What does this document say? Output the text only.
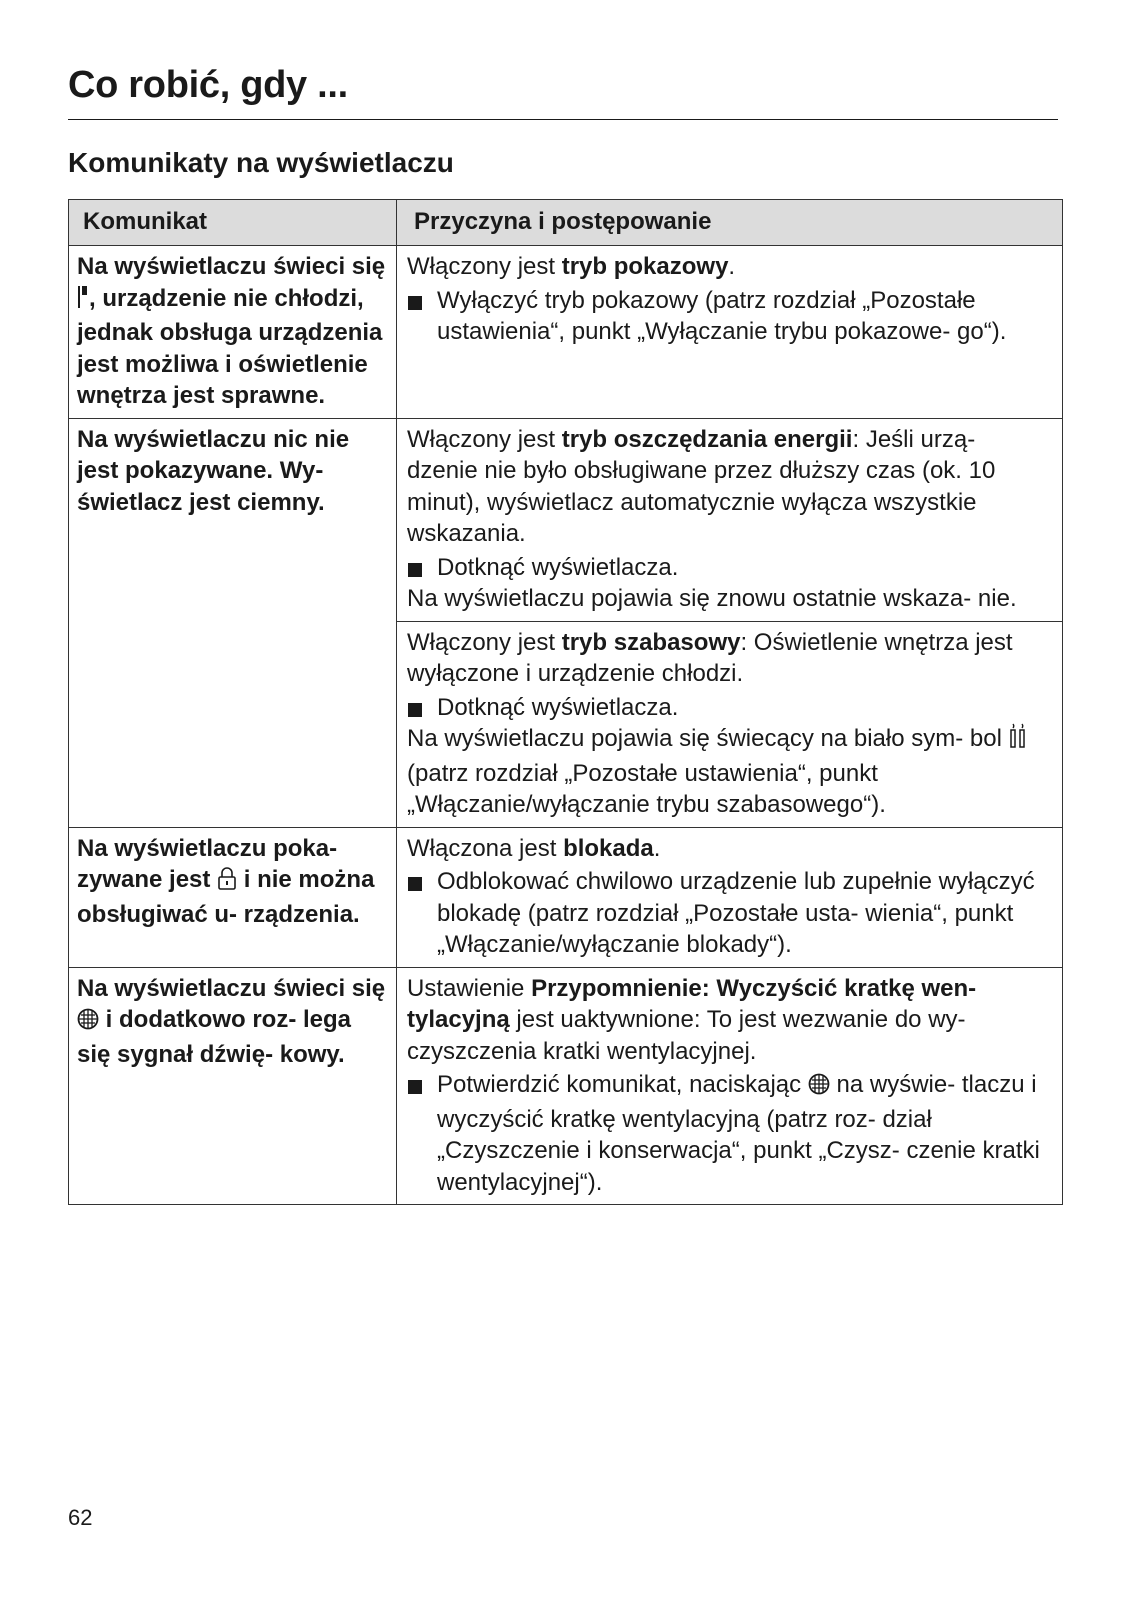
Co robić, gdy ...
Komunikaty na wyświetlaczu
Komunikat	Przyczyna i postępowanie
Na wyświetlaczu świeci się , urządzenie nie chłodzi, jednak obsługa urządzenia jest możliwa i oświetlenie wnętrza jest sprawne.	Włączony jest tryb pokazowy.

Wyłączyć tryb pokazowy (patrz rozdział „Pozostałe ustawienia“, punkt „Wyłączanie trybu pokazowe- go“).

Na wyświetlaczu nic nie jest pokazywane. Wy- świetlacz jest ciemny.	Włączony jest tryb oszczędzania energii: Jeśli urzą- dzenie nie było obsługiwane przez dłuższy czas (ok. 10 minut), wyświetlacz automatycznie wyłącza wszystkie wskazania.

Dotknąć wyświetlacza.

Na wyświetlaczu pojawia się znowu ostatnie wskaza- nie.

	Włączony jest tryb szabasowy: Oświetlenie wnętrza jest wyłączone i urządzenie chłodzi.

Dotknąć wyświetlacza.

Na wyświetlaczu pojawia się świecący na biało sym- bol  (patrz rozdział „Pozostałe ustawienia“, punkt „Włączanie/wyłączanie trybu szabasowego“).

Na wyświetlaczu poka- zywane jest  i nie można obsługiwać u- rządzenia.	Włączona jest blokada.

Odblokować chwilowo urządzenie lub zupełnie wyłączyć blokadę (patrz rozdział „Pozostałe usta- wienia“, punkt „Włączanie/wyłączanie blokady“).

Na wyświetlaczu świeci się  i dodatkowo roz- lega się sygnał dźwię- kowy.	Ustawienie Przypomnienie: Wyczyścić kratkę wen- tylacyjną jest uaktywnione: To jest wezwanie do wy- czyszczenia kratki wentylacyjnej.

Potwierdzić komunikat, naciskając  na wyświe- tlaczu i wyczyścić kratkę wentylacyjną (patrz roz- dział „Czyszczenie i konserwacja“, punkt „Czysz- czenie kratki wentylacyjnej“).

62
